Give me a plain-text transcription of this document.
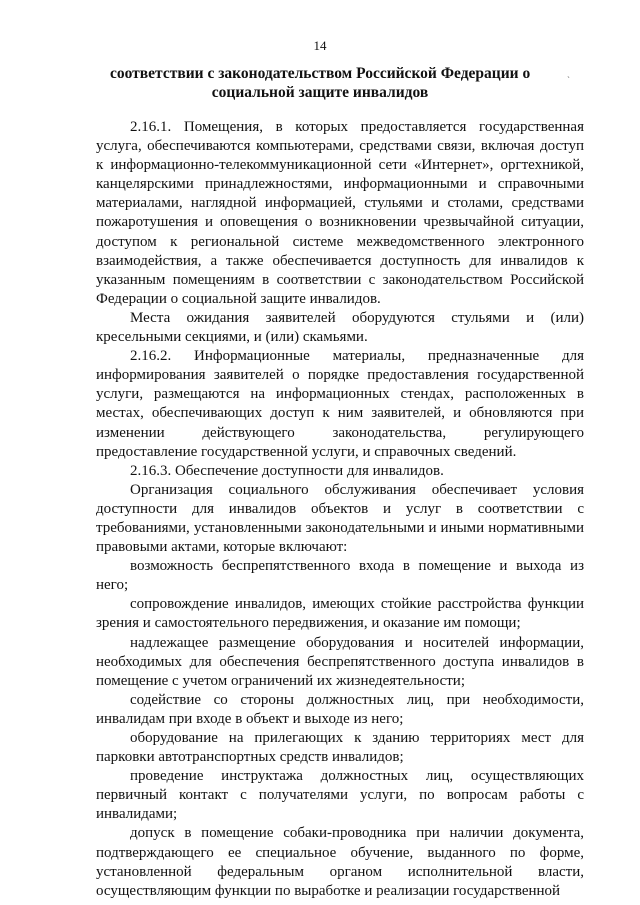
14
соответствии с законодательством Российской Федерации о
социальной защите инвалидов
`

2.16.1. Помещения, в которых предоставляется государственная услуга, обеспечиваются компьютерами, средствами связи, включая доступ к информационно-телекоммуникационной сети «Интернет», оргтехникой, канцелярскими принадлежностями, информационными и справочными материалами, наглядной информацией, стульями и столами, средствами пожаротушения и оповещения о возникновении чрезвычайной ситуации, доступом к региональной системе межведомственного электронного взаимодействия, а также обеспечивается доступность для инвалидов к указанным помещениям в соответствии с законодательством Российской Федерации о социальной защите инвалидов.

Места ожидания заявителей оборудуются стульями и (или) кресельными секциями, и (или) скамьями.

2.16.2. Информационные материалы, предназначенные для информирования заявителей о порядке предоставления государственной услуги, размещаются на информационных стендах, расположенных в местах, обеспечивающих доступ к ним заявителей, и обновляются при изменении действующего законодательства, регулирующего предоставление государственной услуги, и справочных сведений.

2.16.3. Обеспечение доступности для инвалидов.

Организация социального обслуживания обеспечивает условия доступности для инвалидов объектов и услуг в соответствии с требованиями, установленными законодательными и иными нормативными правовыми актами, которые включают:

возможность беспрепятственного входа в помещение и выхода из него;

сопровождение инвалидов, имеющих стойкие расстройства функции зрения и самостоятельного передвижения, и оказание им помощи;

надлежащее размещение оборудования и носителей информации, необходимых для обеспечения беспрепятственного доступа инвалидов в помещение с учетом ограничений их жизнедеятельности;

содействие со стороны должностных лиц, при необходимости, инвалидам при входе в объект и выходе из него;

оборудование на прилегающих к зданию территориях мест для парковки автотранспортных средств инвалидов;

проведение инструктажа должностных лиц, осуществляющих первичный контакт с получателями услуги, по вопросам работы с инвалидами;

допуск в помещение собаки-проводника при наличии документа, подтверждающего ее специальное обучение, выданного по форме, установленной федеральным органом исполнительной власти, осуществляющим функции по выработке и реализации государственной
